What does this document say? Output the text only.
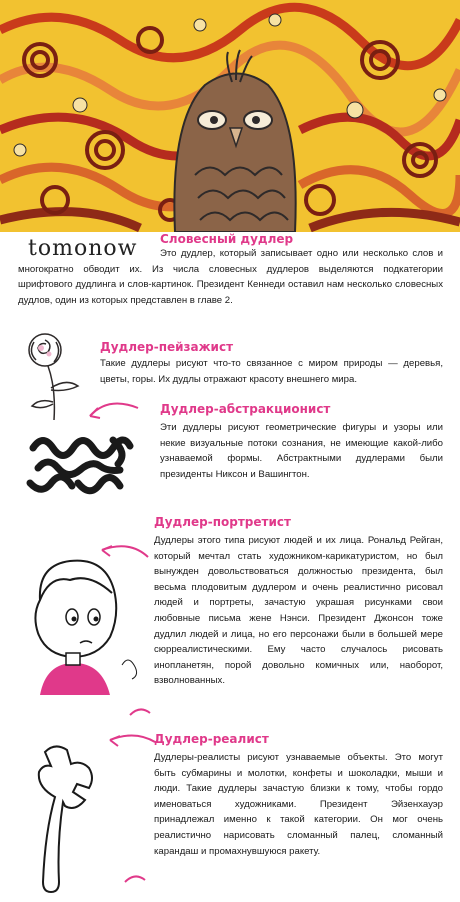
tomonow Словесный дудлер
Это дудлер, который записывает одно или несколько слов и многократно обводит их. Из числа словесных дудлеров выделяются подкатегории шрифтового дудлинга и слов-картинок. Президент Кеннеди оставил нам несколько словесных дудлов, один из которых представлен в главе 2.
Дудлер-пейзажист
Такие дудлеры рисуют что-то связанное с миром природы — деревья, цветы, горы. Их дудлы отражают красоту внешнего мира.
Дудлер-абстракционист
Эти дудлеры рисуют геометрические фигуры и узоры или некие визуальные потоки сознания, не имеющие какой-либо узнаваемой формы. Абстрактными дудлерами были президенты Никсон и Вашингтон.
Дудлер-портретист
Дудлеры этого типа рисуют людей и их лица. Рональд Рейган, который мечтал стать художником-карикатуристом, но был вынужден довольствоваться должностью президента, был весьма плодовитым дудлером и очень реалистично рисовал людей и портреты, зачастую украшая рисунками свои любовные письма жене Нэнси. Президент Джонсон тоже дудлил людей и лица, но его персонажи были в большей мере сюрреалистическими. Ему часто случалось рисовать инопланетян, порой довольно комичных или, наоборот, взволнованных.
Дудлер-реалист
Дудлеры-реалисты рисуют узнаваемые объекты. Это могут быть субмарины и молотки, конфеты и шоколадки, мыши и люди. Такие дудлеры зачастую близки к тому, чтобы гордо именоваться художниками. Президент Эйзенхауэр принадлежал именно к такой категории. Он мог очень реалистично нарисовать сломанный палец, сломанный карандаш и промахнувшуюся ракету.
